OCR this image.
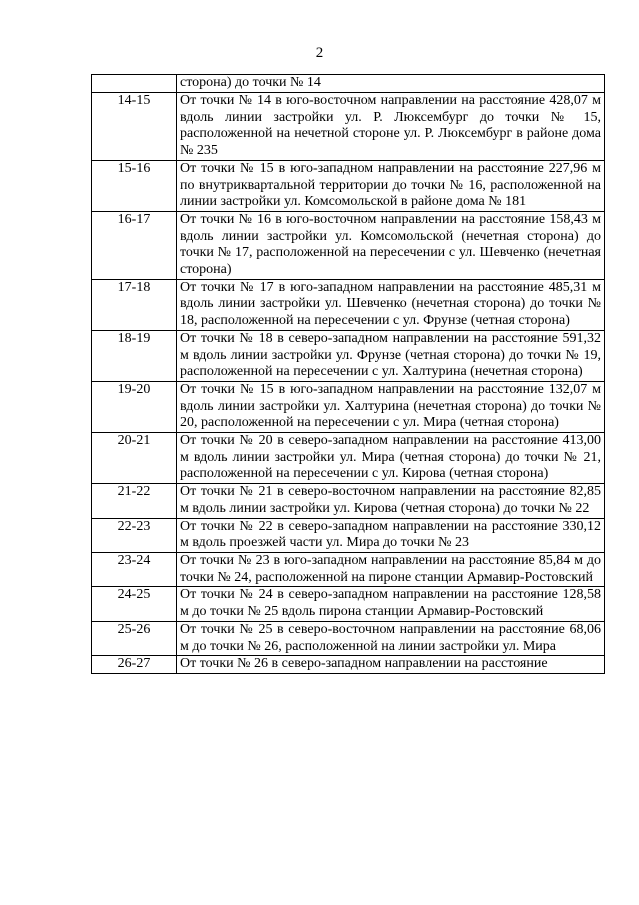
2
	сторона) до точки № 14
14-15	От точки № 14 в юго-восточном направлении на расстояние 428,07 м вдоль линии застройки ул. Р. Люксембург до точки № 15, расположенной на нечетной стороне ул. Р. Люксембург в районе дома № 235
15-16	От точки № 15 в юго-западном направлении на расстояние 227,96 м по внутриквартальной территории до точки № 16, расположенной на линии застройки ул. Комсомольской в районе дома № 181
16-17	От точки № 16 в юго-восточном направлении на расстояние 158,43 м вдоль линии застройки ул. Комсомольской (нечетная сторона) до точки № 17, расположенной на пересечении с ул. Шевченко (нечетная сторона)
17-18	От точки № 17 в юго-западном направлении на расстояние 485,31 м вдоль линии застройки ул. Шевченко (нечетная сторона) до точки № 18, расположенной на пересечении с ул. Фрунзе (четная сторона)
18-19	От точки № 18 в северо-западном направлении на расстояние 591,32 м вдоль линии застройки ул. Фрунзе (четная сторона) до точки № 19, расположенной на пересечении с ул. Халтурина (нечетная сторона)
19-20	От точки № 15 в юго-западном направлении на расстояние 132,07 м вдоль линии застройки ул. Халтурина (нечетная сторона) до точки № 20, расположенной на пересечении с ул. Мира (четная сторона)
20-21	От точки № 20 в северо-западном направлении на расстояние 413,00 м вдоль линии застройки ул. Мира (четная сторона) до точки № 21, расположенной на пересечении с ул. Кирова (четная сторона)
21-22	От точки № 21 в северо-восточном направлении на расстояние 82,85 м вдоль линии застройки ул. Кирова (четная сторона) до точки № 22
22-23	От точки № 22 в северо-западном направлении на расстояние 330,12 м вдоль проезжей части ул. Мира до точки № 23
23-24	От точки № 23 в юго-западном направлении на расстояние 85,84 м до точки № 24, расположенной на пироне станции Армавир-Ростовский
24-25	От точки № 24 в северо-западном направлении на расстояние 128,58 м до точки № 25 вдоль пирона станции Армавир-Ростовский
25-26	От точки № 25 в северо-восточном направлении на расстояние 68,06 м до точки № 26, расположенной на линии застройки ул. Мира
26-27	От точки № 26 в северо-западном направлении на расстояние
